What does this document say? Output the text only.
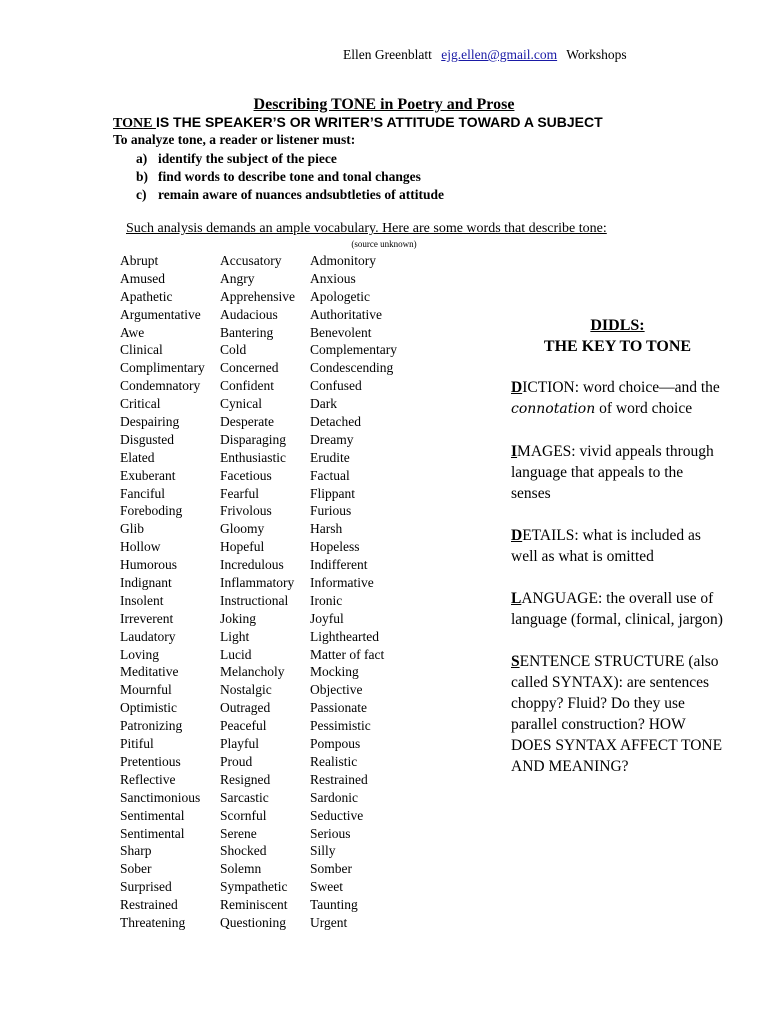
Ellen Greenblatt ejg.ellen@gmail.com Workshops
Describing TONE in Poetry and Prose
TONE IS THE SPEAKER’S OR WRITER’S ATTITUDE TOWARD A SUBJECT
To analyze tone, a reader or listener must:
a) identify the subject of the piece
b) find words to describe tone and tonal changes
c) remain aware of nuances andsubtleties of attitude
Such analysis demands an ample vocabulary. Here are some words that describe tone:
(source unknown)
Abrupt	Accusatory Admonitory
Amused	Angry	Anxious
Apathetic	Apprehensive Apologetic
Argumentative Audacious Authoritative
Awe	Bantering	Benevolent
Clinical	Cold	Complementary
Complimentary Concerned Condescending
Condemnatory Confident	Confused
Critical	Cynical	Dark
Despairing	Desperate	Detached
Disgusted	Disparaging Dreamy
Elated	Enthusiastic Erudite
Exuberant	Facetious	Factual
Fanciful	Fearful	Flippant
Foreboding	Frivolous	Furious
Glib	Gloomy	Harsh
Hollow	Hopeful	Hopeless
Humorous	Incredulous Indifferent
Indignant	Inflammatory Informative
Insolent	Instructional Ironic
Irreverent	Joking	Joyful
Laudatory	Light	Lighthearted
Loving	Lucid	Matter of fact
Meditative	Melancholy Mocking
Mournful	Nostalgic	Objective
Optimistic	Outraged	Passionate
Patronizing	Peaceful	Pessimistic
Pitiful	Playful	Pompous
Pretentious	Proud	Realistic
Reflective	Resigned	Restrained
Sanctimonious Sarcastic	Sardonic
Sentimental	Scornful	Seductive
Sentimental	Serene	Serious
Sharp	Shocked	Silly
Sober	Solemn	Somber
Surprised	Sympathetic Sweet
Restrained	Reminiscent Taunting
Threatening	Questioning Urgent
DIDLS:
THE KEY TO TONE

DICTION: word choice—and the connotation of word choice

IMAGES: vivid appeals through language that appeals to the senses

DETAILS: what is included as well as what is omitted

LANGUAGE: the overall use of language (formal, clinical, jargon)

SENTENCE STRUCTURE (also called SYNTAX): are sentences choppy? Fluid? Do they use parallel construction? HOW DOES SYNTAX AFFECT TONE AND MEANING?
